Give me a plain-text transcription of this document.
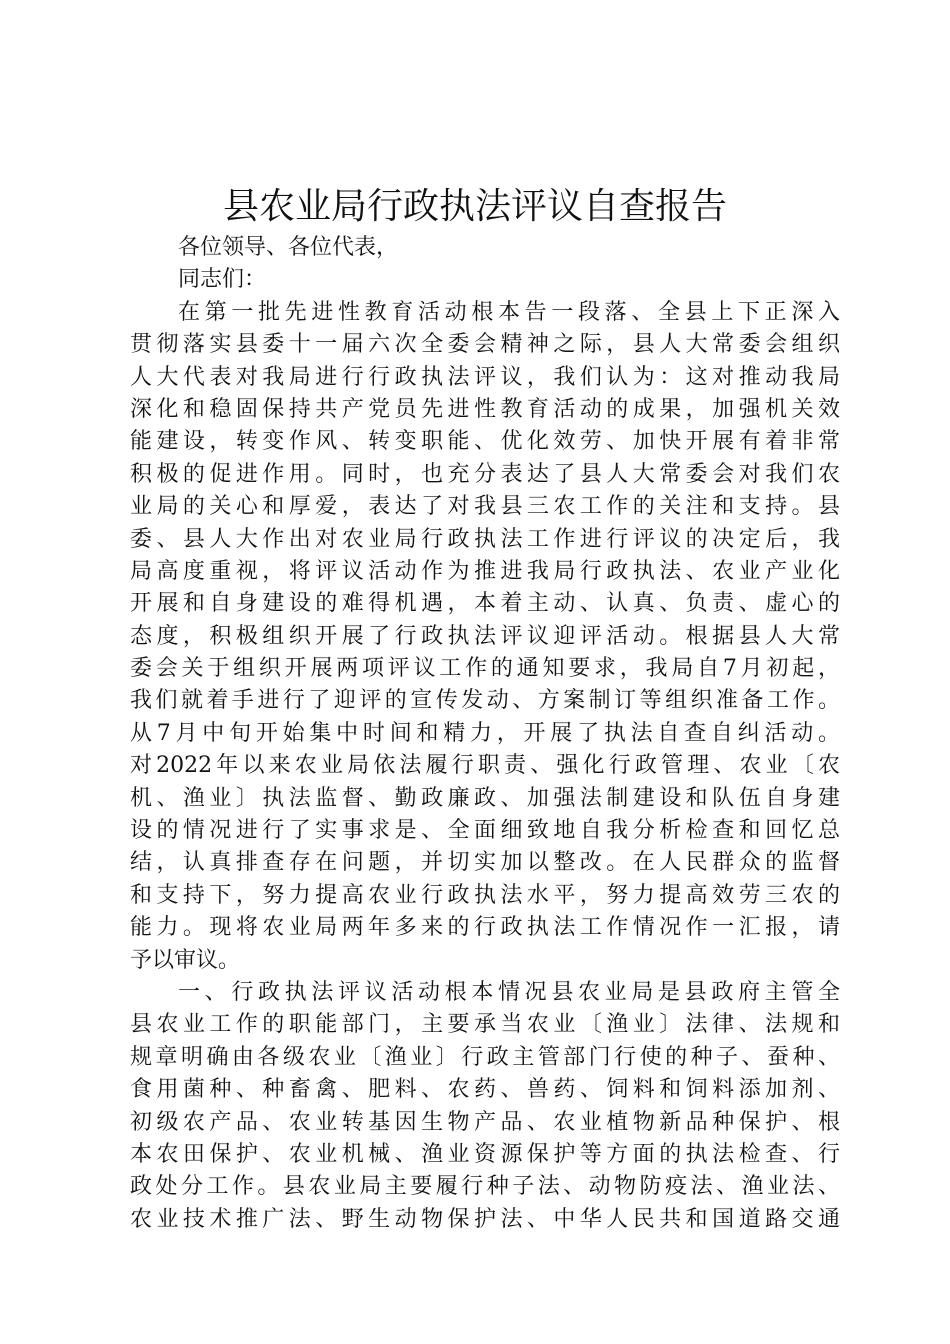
县农业局行政执法评议自查报告
各位领导、各位代表，
同志们：
在第一批先进性教育活动根本告一段落、全县上下正深入
贯彻落实县委十一届六次全委会精神之际，县人大常委会组织
人大代表对我局进行行政执法评议，我们认为：这对推动我局
深化和稳固保持共产党员先进性教育活动的成果，加强机关效
能建设，转变作风、转变职能、优化效劳、加快开展有着非常
积极的促进作用。同时，也充分表达了县人大常委会对我们农
业局的关心和厚爱，表达了对我县三农工作的关注和支持。县
委、县人大作出对农业局行政执法工作进行评议的决定后，我
局高度重视，将评议活动作为推进我局行政执法、农业产业化
开展和自身建设的难得机遇，本着主动、认真、负责、虚心的
态度，积极组织开展了行政执法评议迎评活动。根据县人大常
委会关于组织开展两项评议工作的通知要求，我局自7月初起，
我们就着手进行了迎评的宣传发动、方案制订等组织准备工作。
从7月中旬开始集中时间和精力，开展了执法自查自纠活动。
对2022年以来农业局依法履行职责、强化行政管理、农业〔农
机、渔业〕执法监督、勤政廉政、加强法制建设和队伍自身建
设的情况进行了实事求是、全面细致地自我分析检查和回忆总
结，认真排查存在问题，并切实加以整改。在人民群众的监督
和支持下，努力提高农业行政执法水平，努力提高效劳三农的
能力。现将农业局两年多来的行政执法工作情况作一汇报，请
予以审议。
一、行政执法评议活动根本情况县农业局是县政府主管全
县农业工作的职能部门，主要承当农业〔渔业〕法律、法规和
规章明确由各级农业〔渔业〕行政主管部门行使的种子、蚕种、
食用菌种、种畜禽、肥料、农药、兽药、饲料和饲料添加剂、
初级农产品、农业转基因生物产品、农业植物新品种保护、根
本农田保护、农业机械、渔业资源保护等方面的执法检查、行
政处分工作。县农业局主要履行种子法、动物防疫法、渔业法、
农业技术推广法、野生动物保护法、中华人民共和国道路交通
